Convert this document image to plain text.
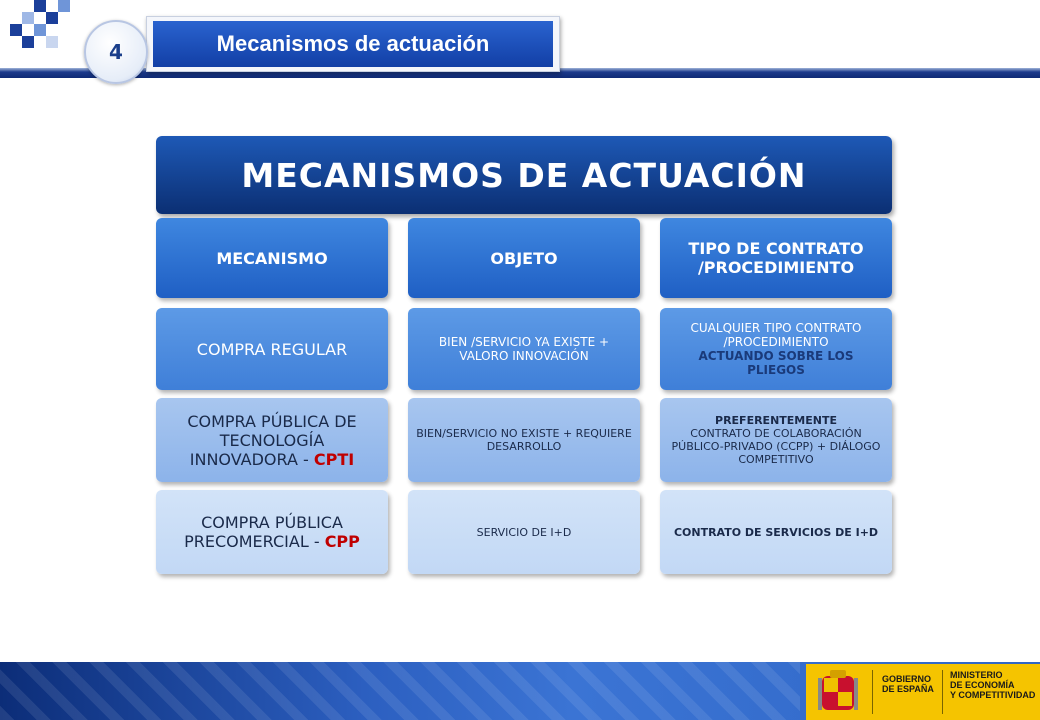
4	Mecanismos de actuación
MECANISMOS DE ACTUACIÓN
MECANISMO
COMPRA REGULAR
COMPRA PÚBLICA DE TECNOLOGÍA INNOVADORA - CPTI
COMPRA PÚBLICA PRECOMERCIAL - CPP
OBJETO
BIEN /SERVICIO YA EXISTE + VALORO INNOVACIÓN
BIEN/SERVICIO NO EXISTE + REQUIERE DESARROLLO
SERVICIO DE I+D
TIPO DE CONTRATO /PROCEDIMIENTO
CUALQUIER TIPO CONTRATO /PROCEDIMIENTO
ACTUANDO SOBRE LOS PLIEGOS
PREFERENTEMENTE
CONTRATO DE COLABORACIÓN PÚBLICO-PRIVADO (CCPP) + DIÁLOGO COMPETITIVO
CONTRATO DE SERVICIOS DE I+D
GOBIERNO
DE ESPAÑA
MINISTERIO
DE ECONOMÍA
Y COMPETITIVIDAD
